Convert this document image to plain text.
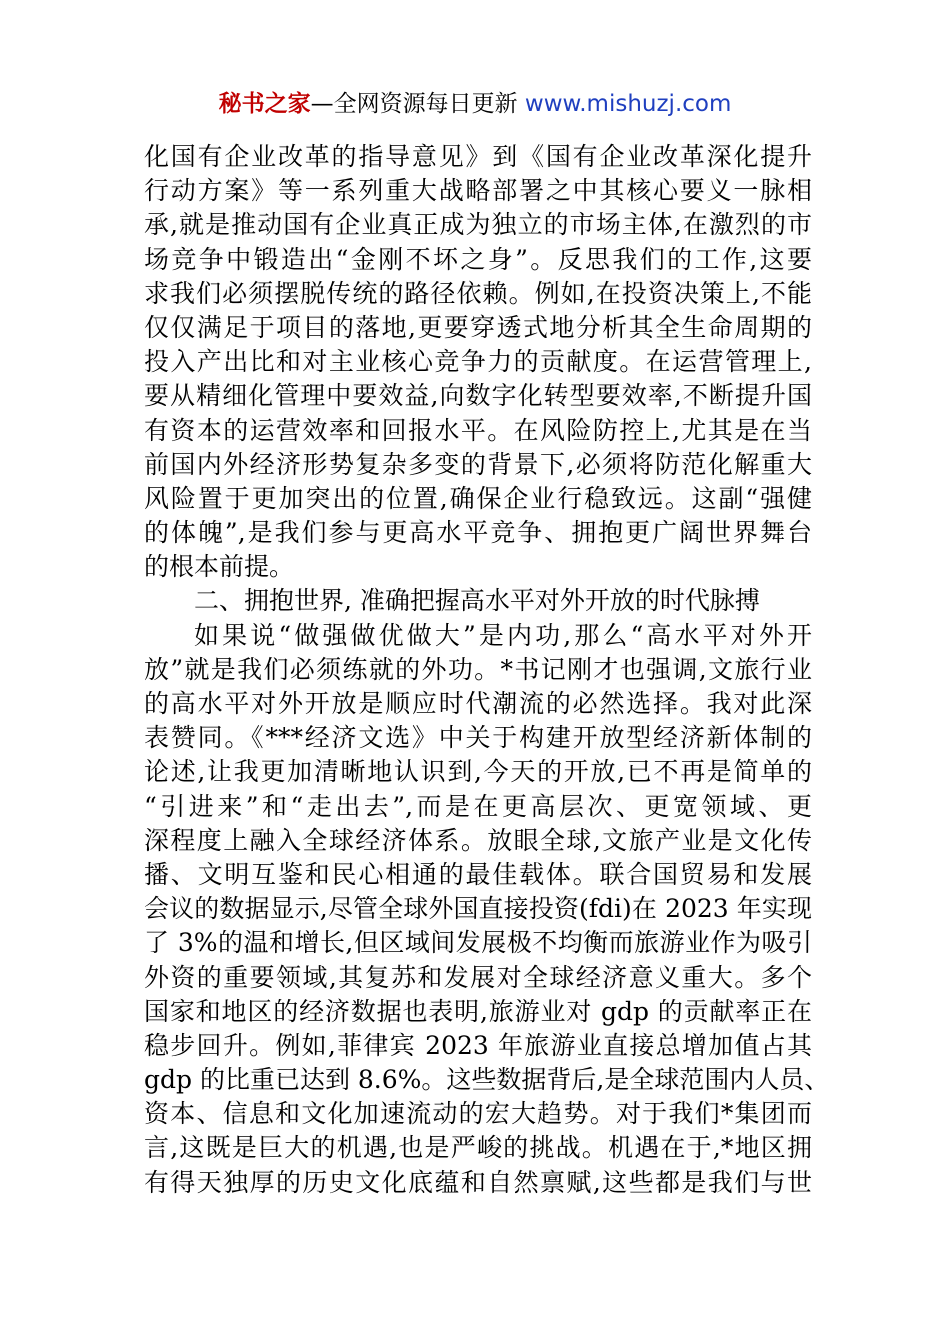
秘书之家—全网资源每日更新 www.mishuzj.com
化国有企业改革的指导意见》到《国有企业改革深化提升
行动方案》等一系列重大战略部署之中其核心要义一脉相
承,就是推动国有企业真正成为独立的市场主体,在激烈的市
场竞争中锻造出“金刚不坏之身”。反思我们的工作,这要
求我们必须摆脱传统的路径依赖。例如,在投资决策上,不能
仅仅满足于项目的落地,更要穿透式地分析其全生命周期的
投入产出比和对主业核心竞争力的贡献度。在运营管理上,
要从精细化管理中要效益,向数字化转型要效率,不断提升国
有资本的运营效率和回报水平。在风险防控上,尤其是在当
前国内外经济形势复杂多变的背景下,必须将防范化解重大
风险置于更加突出的位置,确保企业行稳致远。这副“强健
的体魄”,是我们参与更高水平竞争、拥抱更广阔世界舞台
的根本前提。
二、拥抱世界, 准确把握高水平对外开放的时代脉搏
如果说“做强做优做大”是内功,那么“高水平对外开
放”就是我们必须练就的外功。*书记刚才也强调,文旅行业
的高水平对外开放是顺应时代潮流的必然选择。我对此深
表赞同。《***经济文选》中关于构建开放型经济新体制的
论述,让我更加清晰地认识到,今天的开放,已不再是简单的
“引进来”和“走出去”,而是在更高层次、更宽领域、更
深程度上融入全球经济体系。放眼全球,文旅产业是文化传
播、文明互鉴和民心相通的最佳载体。联合国贸易和发展
会议的数据显示,尽管全球外国直接投资(fdi)在 2023 年实现
了 3%的温和增长,但区域间发展极不均衡而旅游业作为吸引
外资的重要领域,其复苏和发展对全球经济意义重大。多个
国家和地区的经济数据也表明,旅游业对 gdp 的贡献率正在
稳步回升。例如,菲律宾 2023 年旅游业直接总增加值占其
gdp 的比重已达到 8.6%。这些数据背后,是全球范围内人员、
资本、信息和文化加速流动的宏大趋势。对于我们*集团而
言,这既是巨大的机遇,也是严峻的挑战。机遇在于,*地区拥
有得天独厚的历史文化底蕴和自然禀赋,这些都是我们与世
